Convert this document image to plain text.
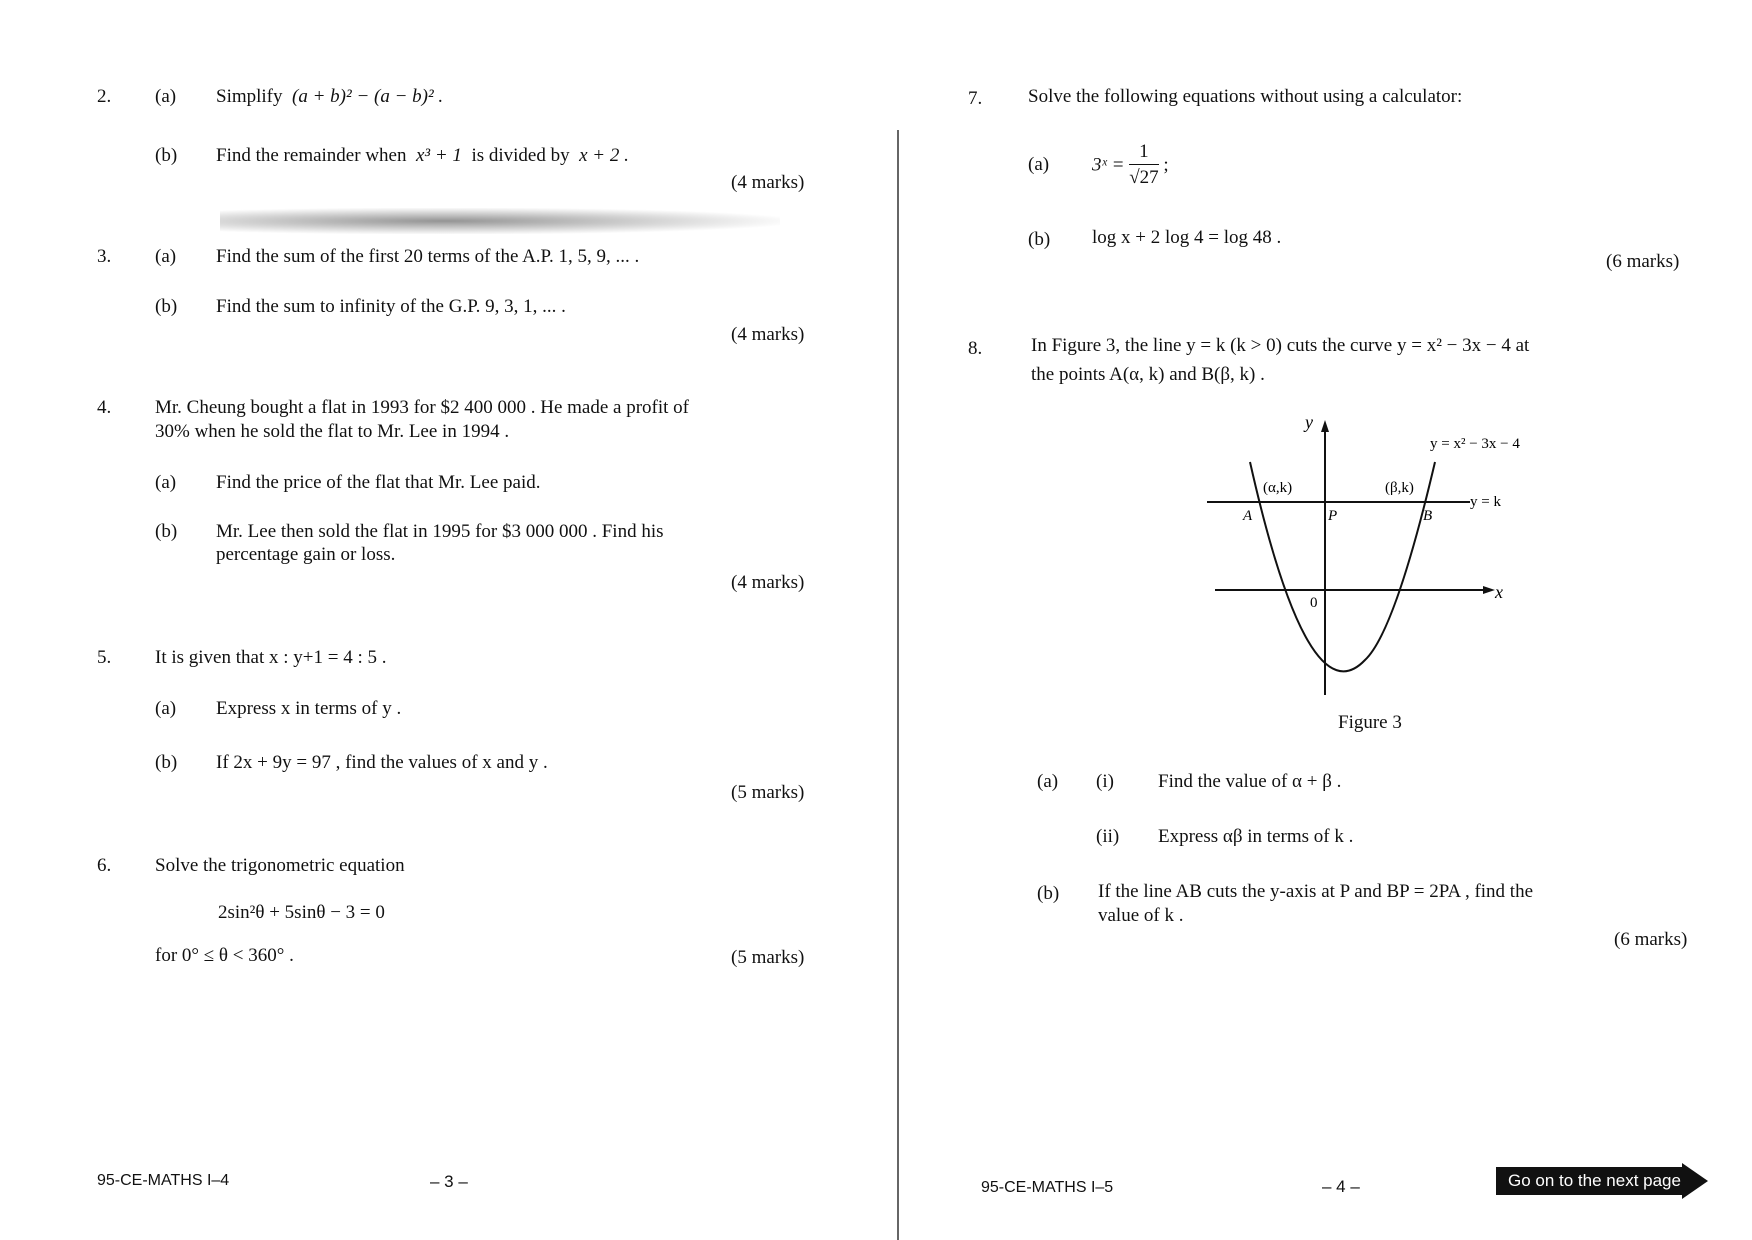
2. (a) Simplify (a + b)² − (a − b)² .
(b) Find the remainder when x³ + 1 is divided by x + 2 .
(4 marks)
3. (a) Find the sum of the first 20 terms of the A.P. 1, 5, 9, ... .
(b) Find the sum to infinity of the G.P. 9, 3, 1, ... .
(4 marks)
4. Mr. Cheung bought a flat in 1993 for $2 400 000 . He made a profit of
30% when he sold the flat to Mr. Lee in 1994 .
(a) Find the price of the flat that Mr. Lee paid.
(b) Mr. Lee then sold the flat in 1995 for $3 000 000 . Find his
percentage gain or loss.
(4 marks)
5. It is given that x : y+1 = 4 : 5 .
(a) Express x in terms of y .
(b) If 2x + 9y = 97 , find the values of x and y .
(5 marks)
6. Solve the trigonometric equation
2sin²θ + 5sinθ − 3 = 0
for 0° ≤ θ < 360° .	(5 marks)
95-CE-MATHS I–4	– 3 –
7. Solve the following equations without using a calculator:
(a) 3ˣ = $\frac{1}{√27}$ ;
(b) log x + 2 log 4 = log 48 .
(6 marks)
8.	In Figure 3, the line y = k (k > 0) cuts the curve y = x² − 3x − 4 at
the points A(α, k) and B(β, k) .
y
x
0
y = x² − 3x − 4
y = k
(α,k)	(β,k)
A	P	B
Figure 3
(a) (i) Find the value of α + β .
(ii) Express αβ in terms of k .
(b) If the line AB cuts the y-axis at P and BP = 2PA , find the
value of k .
(6 marks)
95-CE-MATHS I–5	– 4 –	Go on to the next page
